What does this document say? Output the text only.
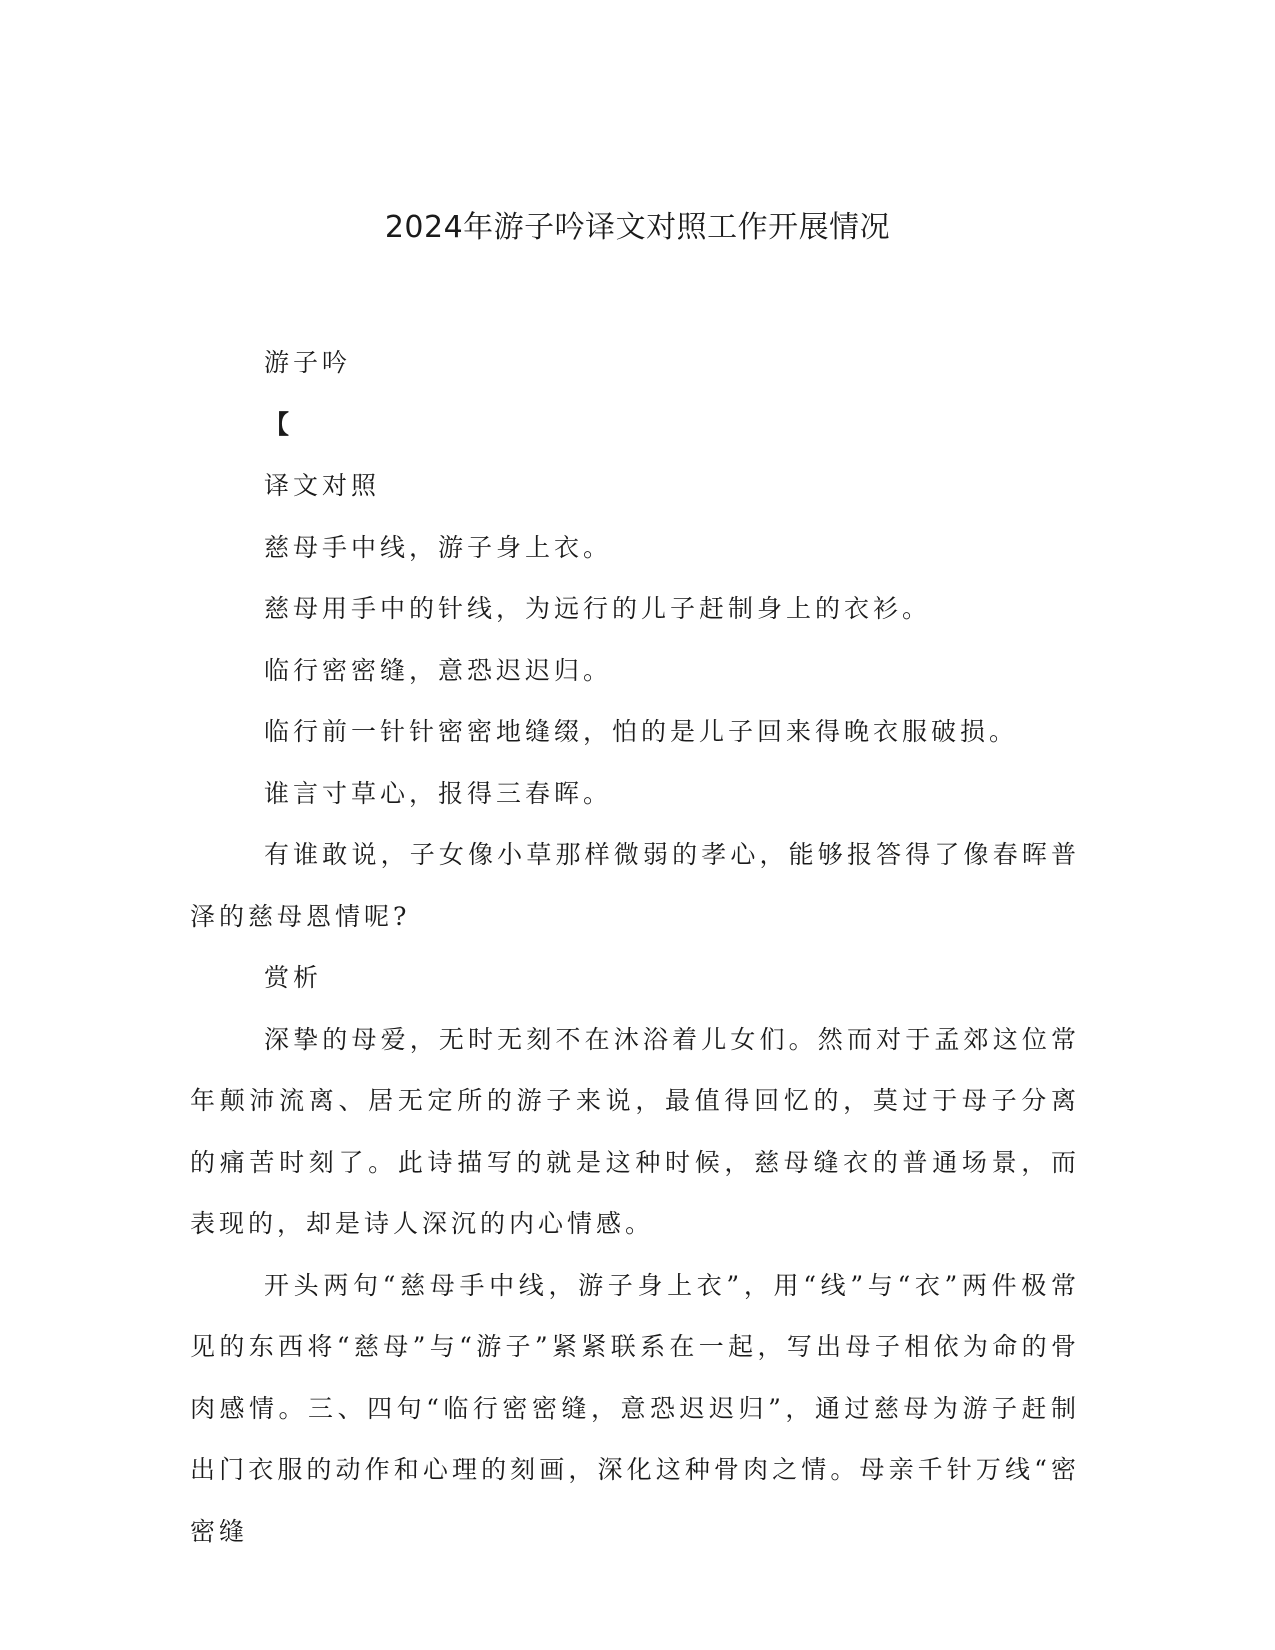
2024年游子吟译文对照工作开展情况

游子吟

【

译文对照

慈母手中线，游子身上衣。

慈母用手中的针线，为远行的儿子赶制身上的衣衫。

临行密密缝，意恐迟迟归。

临行前一针针密密地缝缀，怕的是儿子回来得晚衣服破损。

谁言寸草心，报得三春晖。

有谁敢说，子女像小草那样微弱的孝心，能够报答得了像春晖普泽的慈母恩情呢?

赏析

深挚的母爱，无时无刻不在沐浴着儿女们。然而对于孟郊这位常年颠沛流离、居无定所的游子来说，最值得回忆的，莫过于母子分离的痛苦时刻了。此诗描写的就是这种时候，慈母缝衣的普通场景，而表现的，却是诗人深沉的内心情感。

开头两句“慈母手中线，游子身上衣”，用“线”与“衣”两件极常见的东西将“慈母”与“游子”紧紧联系在一起，写出母子相依为命的骨肉感情。三、四句“临行密密缝，意恐迟迟归”，通过慈母为游子赶制出门衣服的动作和心理的刻画，深化这种骨肉之情。母亲千针万线“密密缝
